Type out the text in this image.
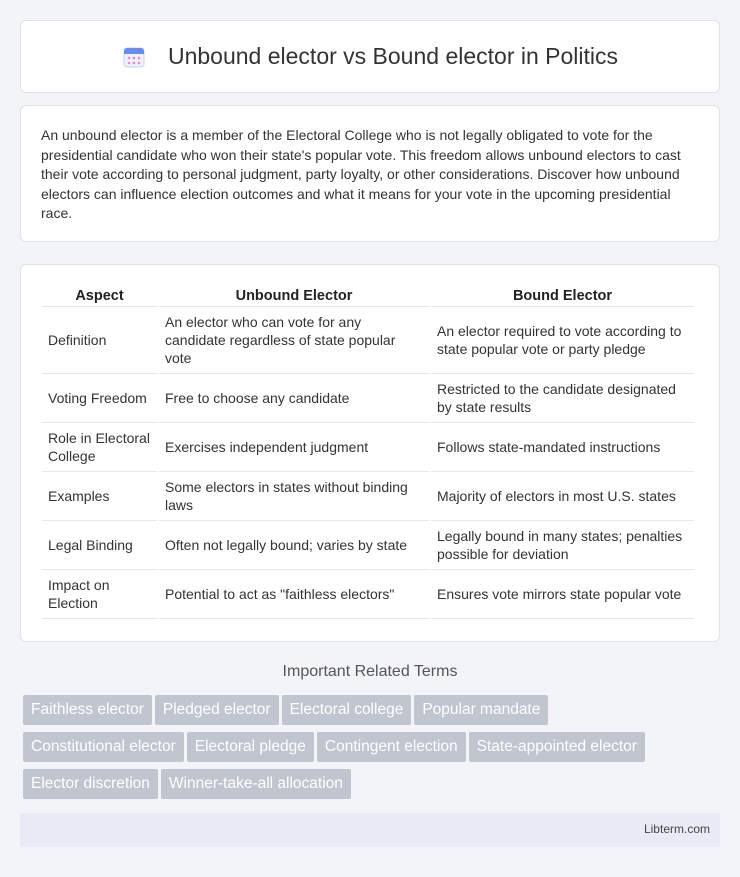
Unbound elector vs Bound elector in Politics

An unbound elector is a member of the Electoral College who is not legally obligated to vote for the presidential candidate who won their state's popular vote. This freedom allows unbound electors to cast their vote according to personal judgment, party loyalty, or other considerations. Discover how unbound electors can influence election outcomes and what it means for your vote in the upcoming presidential race.

Aspect	Unbound Elector	Bound Elector
Definition	An elector who can vote for any candidate regardless of state popular vote	An elector required to vote according to state popular vote or party pledge
Voting Freedom	Free to choose any candidate	Restricted to the candidate designated by state results
Role in Electoral College	Exercises independent judgment	Follows state-mandated instructions
Examples	Some electors in states without binding laws	Majority of electors in most U.S. states
Legal Binding	Often not legally bound; varies by state	Legally bound in many states; penalties possible for deviation
Impact on Election	Potential to act as "faithless electors"	Ensures vote mirrors state popular vote
Important Related Terms
Faithless elector Pledged elector Electoral college Popular mandate
Constitutional elector Electoral pledge Contingent election State-appointed elector
Elector discretion Winner-take-all allocation
Libterm.com
